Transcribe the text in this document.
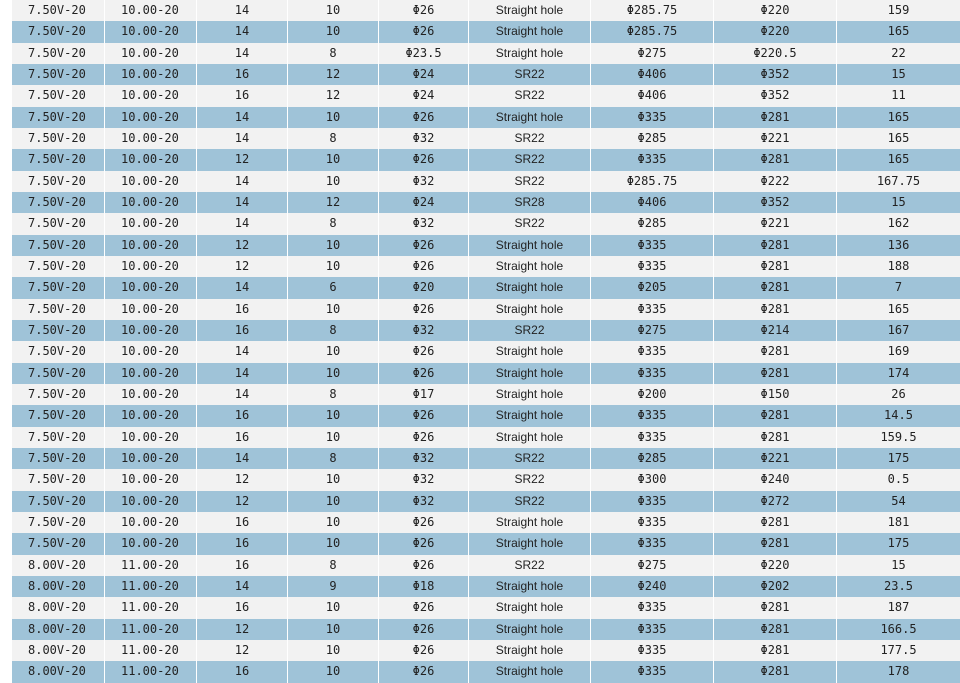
7.50V-20	10.00-20	14	10	Φ26	Straight hole	Φ285.75	Φ220	159
7.50V-20	10.00-20	14	10	Φ26	Straight hole	Φ285.75	Φ220	165
7.50V-20	10.00-20	14	8	Φ23.5	Straight hole	Φ275	Φ220.5	22
7.50V-20	10.00-20	16	12	Φ24	SR22	Φ406	Φ352	15
7.50V-20	10.00-20	16	12	Φ24	SR22	Φ406	Φ352	11
7.50V-20	10.00-20	14	10	Φ26	Straight hole	Φ335	Φ281	165
7.50V-20	10.00-20	14	8	Φ32	SR22	Φ285	Φ221	165
7.50V-20	10.00-20	12	10	Φ26	SR22	Φ335	Φ281	165
7.50V-20	10.00-20	14	10	Φ32	SR22	Φ285.75	Φ222	167.75
7.50V-20	10.00-20	14	12	Φ24	SR28	Φ406	Φ352	15
7.50V-20	10.00-20	14	8	Φ32	SR22	Φ285	Φ221	162
7.50V-20	10.00-20	12	10	Φ26	Straight hole	Φ335	Φ281	136
7.50V-20	10.00-20	12	10	Φ26	Straight hole	Φ335	Φ281	188
7.50V-20	10.00-20	14	6	Φ20	Straight hole	Φ205	Φ281	7
7.50V-20	10.00-20	16	10	Φ26	Straight hole	Φ335	Φ281	165
7.50V-20	10.00-20	16	8	Φ32	SR22	Φ275	Φ214	167
7.50V-20	10.00-20	14	10	Φ26	Straight hole	Φ335	Φ281	169
7.50V-20	10.00-20	14	10	Φ26	Straight hole	Φ335	Φ281	174
7.50V-20	10.00-20	14	8	Φ17	Straight hole	Φ200	Φ150	26
7.50V-20	10.00-20	16	10	Φ26	Straight hole	Φ335	Φ281	14.5
7.50V-20	10.00-20	16	10	Φ26	Straight hole	Φ335	Φ281	159.5
7.50V-20	10.00-20	14	8	Φ32	SR22	Φ285	Φ221	175
7.50V-20	10.00-20	12	10	Φ32	SR22	Φ300	Φ240	0.5
7.50V-20	10.00-20	12	10	Φ32	SR22	Φ335	Φ272	54
7.50V-20	10.00-20	16	10	Φ26	Straight hole	Φ335	Φ281	181
7.50V-20	10.00-20	16	10	Φ26	Straight hole	Φ335	Φ281	175
8.00V-20	11.00-20	16	8	Φ26	SR22	Φ275	Φ220	15
8.00V-20	11.00-20	14	9	Φ18	Straight hole	Φ240	Φ202	23.5
8.00V-20	11.00-20	16	10	Φ26	Straight hole	Φ335	Φ281	187
8.00V-20	11.00-20	12	10	Φ26	Straight hole	Φ335	Φ281	166.5
8.00V-20	11.00-20	12	10	Φ26	Straight hole	Φ335	Φ281	177.5
8.00V-20	11.00-20	16	10	Φ26	Straight hole	Φ335	Φ281	178
